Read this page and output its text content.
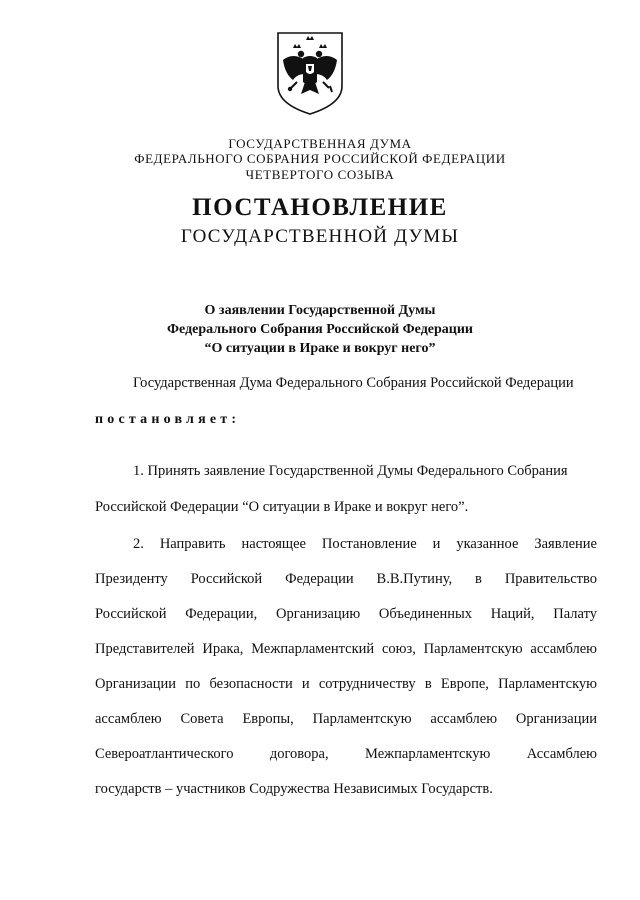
ГОСУДАРСТВЕННАЯ ДУМА
ФЕДЕРАЛЬНОГО СОБРАНИЯ РОССИЙСКОЙ ФЕДЕРАЦИИ
ЧЕТВЕРТОГО СОЗЫВА
ПОСТАНОВЛЕНИЕ
ГОСУДАРСТВЕННОЙ ДУМЫ
О заявлении Государственной Думы
Федерального Собрания Российской Федерации
“О ситуации в Ираке и вокруг него”
Государственная Дума Федерального Собрания Российской Федерации
постановляет:
1. Принять заявление Государственной Думы Федерального Собрания
Российской Федерации “О ситуации в Ираке и вокруг него”.
2. Направить настоящее Постановление и указанное Заявление
Президенту Российской Федерации В.В.Путину, в Правительство
Российской Федерации, Организацию Объединенных Наций, Палату
Представителей Ирака, Межпарламентский союз, Парламентскую ассамблею
Организации по безопасности и сотрудничеству в Европе, Парламентскую
ассамблею Совета Европы, Парламентскую ассамблею Организации
Североатлантического договора, Межпарламентскую Ассамблею
государств – участников Содружества Независимых Государств.
